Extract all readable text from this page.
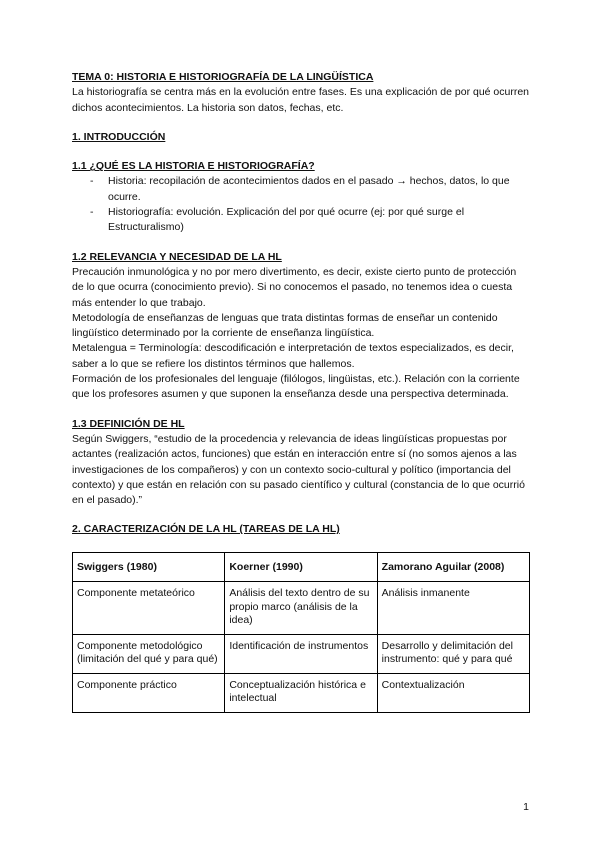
TEMA 0: HISTORIA E HISTORIOGRAFÍA DE LA LINGÜÍSTICA

La historiografía se centra más en la evolución entre fases. Es una explicación de por qué ocurren dichos acontecimientos. La historia son datos, fechas, etc.

1. INTRODUCCIÓN

1.1 ¿QUÉ ES LA HISTORIA E HISTORIOGRAFÍA?

- Historia: recopilación de acontecimientos dados en el pasado → hechos, datos, lo que ocurre.
- Historiografía: evolución. Explicación del por qué ocurre (ej: por qué surge el Estructuralismo)

1.2 RELEVANCIA Y NECESIDAD DE LA HL

Precaución inmunológica y no por mero divertimento, es decir, existe cierto punto de protección de lo que ocurra (conocimiento previo). Si no conocemos el pasado, no tenemos idea o cuesta más entender lo que trabajo.

Metodología de enseñanzas de lenguas que trata distintas formas de enseñar un contenido lingüístico determinado por la corriente de enseñanza lingüística.

Metalengua = Terminología: descodificación e interpretación de textos especializados, es decir, saber a lo que se refiere los distintos términos que hallemos.

Formación de los profesionales del lenguaje (filólogos, lingüistas, etc.). Relación con la corriente que los profesores asumen y que suponen la enseñanza desde una perspectiva determinada.

1.3 DEFINICIÓN DE HL

Según Swiggers, “estudio de la procedencia y relevancia de ideas lingüísticas propuestas por actantes (realización actos, funciones) que están en interacción entre sí (no somos ajenos a las investigaciones de los compañeros) y con un contexto socio-cultural y político (importancia del contexto) y que están en relación con su pasado científico y cultural (constancia de lo que ocurrió en el pasado).”

2. CARACTERIZACIÓN DE LA HL (TAREAS DE LA HL)

Swiggers (1980)	Koerner (1990)	Zamorano Aguilar (2008)
Componente metateórico	Análisis del texto dentro de su propio marco (análisis de la idea)	Análisis inmanente
Componente metodológico (limitación del qué y para qué)	Identificación de instrumentos	Desarrollo y delimitación del instrumento: qué y para qué
Componente práctico	Conceptualización histórica e intelectual	Contextualización
1
